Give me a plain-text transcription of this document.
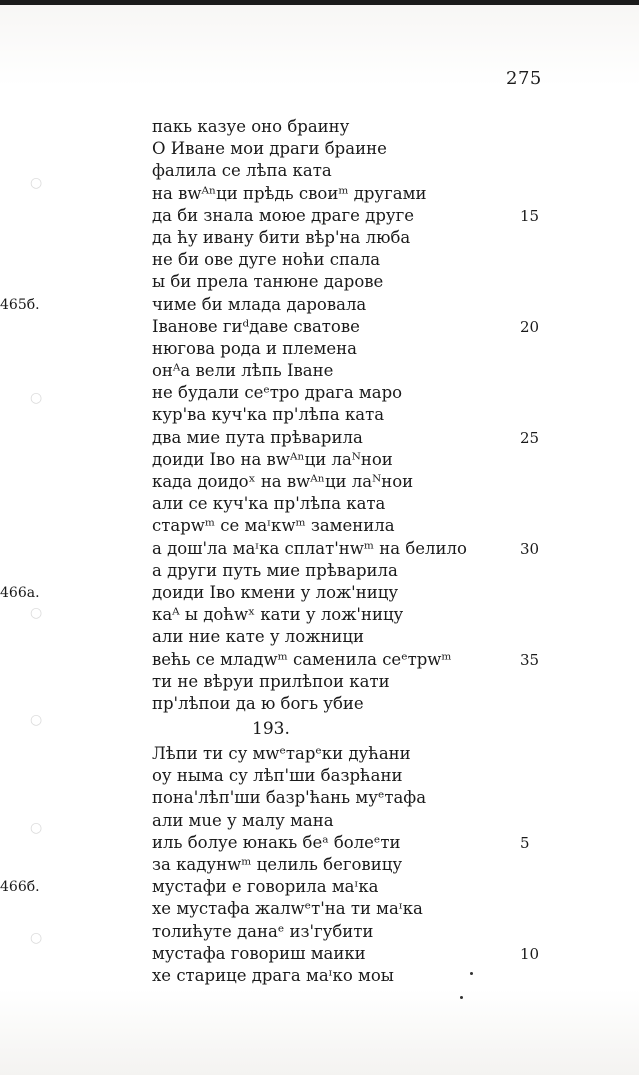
○
○
○
○
○
○
275
пакь казуе оно браину
О Иване мои драги браине
фалила се лѣпа ката
на вwᴬⁿци прѣдь своиᵐ другами
да би знала моюе драге друге	15
да ћу ивану бити вѣр'на люба
не би ове дуге ноћи спала
ы би прела танюне дарове
465б.	чиме би млада даровала
Іванове гиᵈдаве сватове	20
нюгова рода и племена
онᴬа вели лѣпь Іване
не будали сеᵉтро драга маро
кур'ва куч'ка пр'лѣпа ката
два мие пута прѣварила	25
доиди Іво на вwᴬⁿци лаᴺнои
када доидоˣ на вwᴬⁿци лаᴺнои
али се куч'ка пр'лѣпа ката
старwᵐ се маᶦкwᵐ заменила
а дош'ла маᶦка сплат'нwᵐ на белило	30
а други путь мие прѣварила
466а.	доиди Іво кмени у лож'ницу
каᴬ ы доћwˣ кати у лож'ницу
али ние кате у ложници
већь се младwᵐ саменила сеᵉтрwᵐ	35
ти не вѣруи прилѣпои кати
пр'лѣпои да ю богь убие
193.
Лѣпи ти су мwᵉтарᵉки дућани
оу ныма су лѣп'ши базрћани
пона'лѣп'ши базр'ћань муᵉтафа
али мue у малу мана
иль болуе юнакь беᵃ болеᵉти	5
за кадунwᵐ целиль беговицу
466б.	мустафи е говорила маᶦка
хе мустафа жалwᵉт'на ти маᶦка
толићуте данаᵉ из'губити
мустафа говориш маики	10
хе старице драга маᶦко моы
